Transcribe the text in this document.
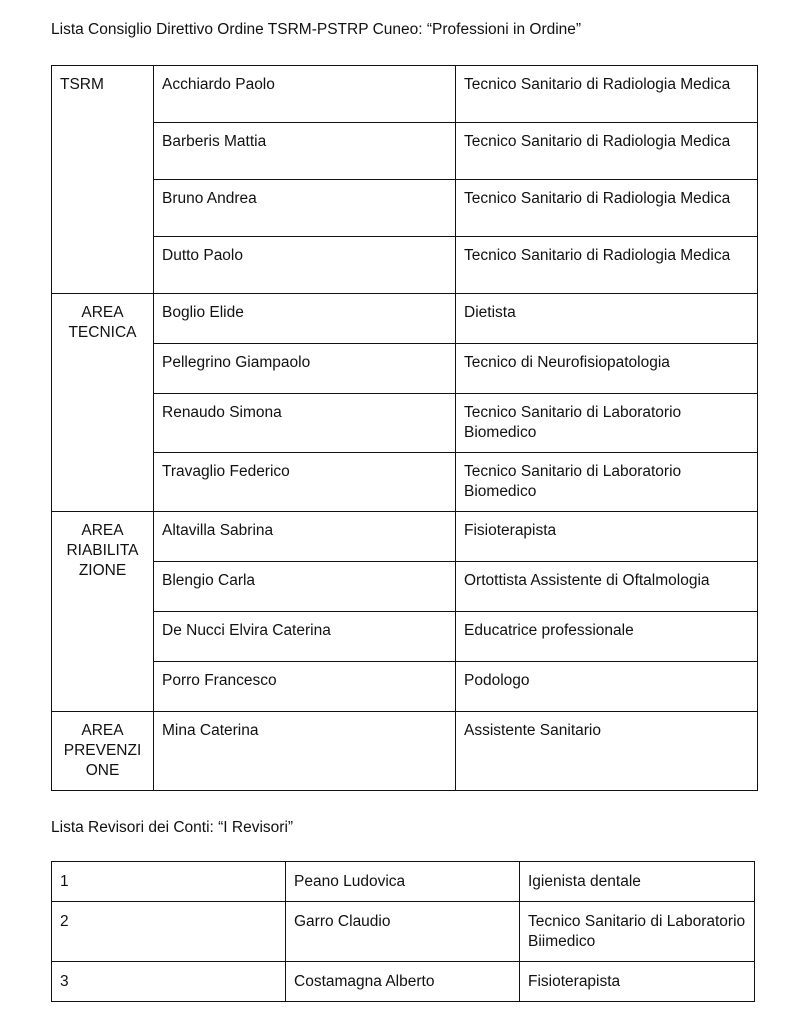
Lista Consiglio Direttivo Ordine TSRM-PSTRP Cuneo: “Professioni in Ordine”

TSRM	Acchiardo Paolo	Tecnico Sanitario di Radiologia Medica
	Barberis Mattia	Tecnico Sanitario di Radiologia Medica
	Bruno Andrea	Tecnico Sanitario di Radiologia Medica
	Dutto Paolo	Tecnico Sanitario di Radiologia Medica

AREA
TECNICA	Boglio Elide	Dietista
	Pellegrino Giampaolo	Tecnico di Neurofisiopatologia
	Renaudo Simona	Tecnico Sanitario di Laboratorio Biomedico
	Travaglio Federico	Tecnico Sanitario di Laboratorio Biomedico

AREA
RIABILITA
ZIONE	Altavilla Sabrina	Fisioterapista
	Blengio Carla	Ortottista Assistente di Oftalmologia
	De Nucci Elvira Caterina	Educatrice professionale
	Porro Francesco	Podologo

AREA
PREVENZI
ONE	Mina Caterina	Assistente Sanitario

Lista Revisori dei Conti: “I Revisori”

1	Peano Ludovica	Igienista dentale
2	Garro Claudio	Tecnico Sanitario di Laboratorio Biimedico
3	Costamagna Alberto	Fisioterapista
